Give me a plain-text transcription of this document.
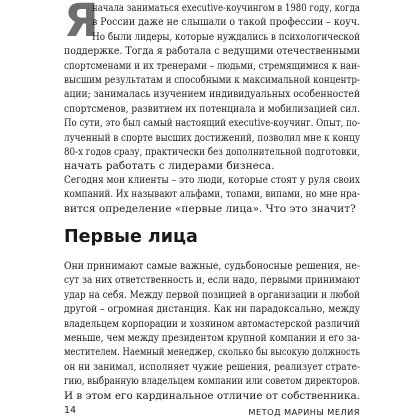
Я

начала заниматься executive-коучингом в 1980 году, когда
в России даже не слышали о такой профессии – коуч.
Но были лидеры, которые нуждались в психологической
поддержке. Тогда я работала с ведущими отечественными
спортсменами и их тренерами – людьми, стремящимися к наи-
высшим результатам и способными к максимальной концентр-
ации; занималась изучением индивидуальных особенностей
спортсменов, развитием их потенциала и мобилизацией сил.
По сути, это был самый настоящий executive-коучинг. Опыт, по-
лученный в спорте высших достижений, позволил мне к концу
80-х годов сразу, практически без дополнительной подготовки,
начать работать с лидерами бизнеса.

Сегодня мои клиенты – это люди, которые стоят у руля своих
компаний. Их называют альфами, топами, випами, но мне нра-
вится определение «первые лица». Что это значит?

Первые лица

Они принимают самые важные, судьбоносные решения, не-
сут за них ответственность и, если надо, первыми принимают
удар на себя. Между первой позицией в организации и любой
другой – огромная дистанция. Как ни парадоксально, между
владельцем корпорации и хозяином автомастерской различий
меньше, чем между президентом крупной компании и его за-
местителем. Наемный менеджер, сколько бы высокую должность
он ни занимал, исполняет чужие решения, реализует страте-
гию, выбранную владельцем компании или советом директоров.
И в этом его кардинальное отличие от собственника.

14	МЕТОД МАРИНЫ МЕЛИЯ
